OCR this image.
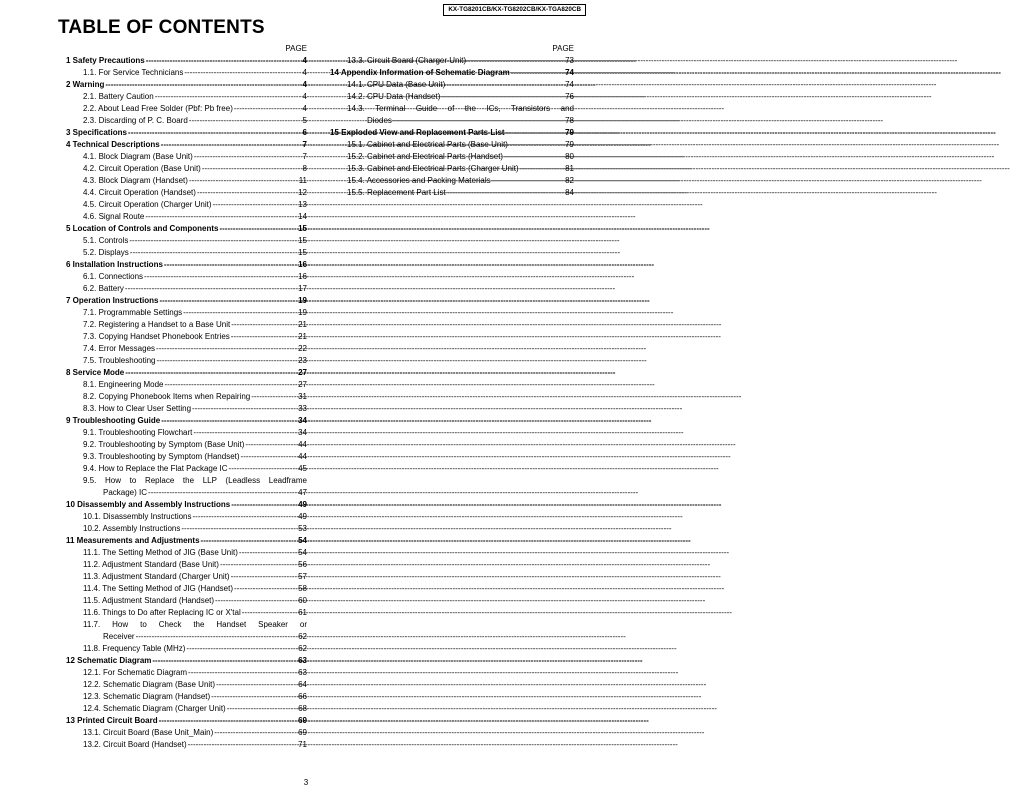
KX-TG8201CB/KX-TG8202CB/KX-TGA820CB
TABLE OF CONTENTS
PAGE
1 Safety Precautions -----	4
1.1. For Service Technicians -----	4
2 Warning -----	4
2.1. Battery Caution -----	4
2.2. About Lead Free Solder (Pbf: Pb free) -----	4
2.3. Discarding of P. C. Board -----	5
3 Specifications -----	6
4 Technical Descriptions -----	7
4.1. Block Diagram (Base Unit) -----	7
4.2. Circuit Operation (Base Unit) -----	8
4.3. Block Diagram (Handset) -----	11
4.4. Circuit Operation (Handset) -----	12
4.5. Circuit Operation (Charger Unit) -----	13
4.6. Signal Route -----	14
5 Location of Controls and Components -----	15
5.1. Controls -----	15
5.2. Displays -----	15
6 Installation Instructions -----	16
6.1. Connections -----	16
6.2. Battery -----	17
7 Operation Instructions -----	19
7.1. Programmable Settings -----	19
7.2. Registering a Handset to a Base Unit -----	21
7.3. Copying Handset Phonebook Entries -----	21
7.4. Error Messages -----	22
7.5. Troubleshooting -----	23
8 Service Mode -----	27
8.1. Engineering Mode -----	27
8.2. Copying Phonebook Items when Repairing -----	31
8.3. How to Clear User Setting -----	33
9 Troubleshooting Guide -----	34
9.1. Troubleshooting Flowchart -----	34
9.2. Troubleshooting by Symptom (Base Unit) -----	44
9.3. Troubleshooting by Symptom (Handset) -----	44
9.4. How to Replace the Flat Package IC -----	45
9.5. How to Replace the LLP (Leadless Leadframe
Package) IC -----	47
10 Disassembly and Assembly Instructions -----	49
10.1. Disassembly Instructions -----	49
10.2. Assembly Instructions -----	53
11 Measurements and Adjustments -----	54
11.1. The Setting Method of JIG (Base Unit) -----	54
11.2. Adjustment Standard (Base Unit) -----	56
11.3. Adjustment Standard (Charger Unit) -----	57
11.4. The Setting Method of JIG (Handset) -----	58
11.5. Adjustment Standard (Handset) -----	60
11.6. Things to Do after Replacing IC or X'tal -----	61
11.7. How to Check the Handset Speaker or
Receiver -----	62
11.8. Frequency Table (MHz) -----	62
12 Schematic Diagram -----	63
12.1. For Schematic Diagram -----	63
12.2. Schematic Diagram (Base Unit) -----	64
12.3. Schematic Diagram (Handset) -----	66
12.4. Schematic Diagram (Charger Unit) -----	68
13 Printed Circuit Board -----	69
13.1. Circuit Board (Base Unit_Main) -----	69
13.2. Circuit Board (Handset) -----	71
PAGE
13.3. Circuit Board (Charger Unit) -----	73
14 Appendix Information of Schematic Diagram -----	74
14.1. CPU Data (Base Unit) -----	74
14.2. CPU Data (Handset) -----	76
14.3. Terminal Guide of the ICs, Transistors and
Diodes -----	78
15 Exploded View and Replacement Parts List -----	79
15.1. Cabinet and Electrical Parts (Base Unit) -----	79
15.2. Cabinet and Electrical Parts (Handset) -----	80
15.3. Cabinet and Electrical Parts (Charger Unit) -----	81
15.4. Accessories and Packing Materials -----	82
15.5. Replacement Part List -----	84
3
